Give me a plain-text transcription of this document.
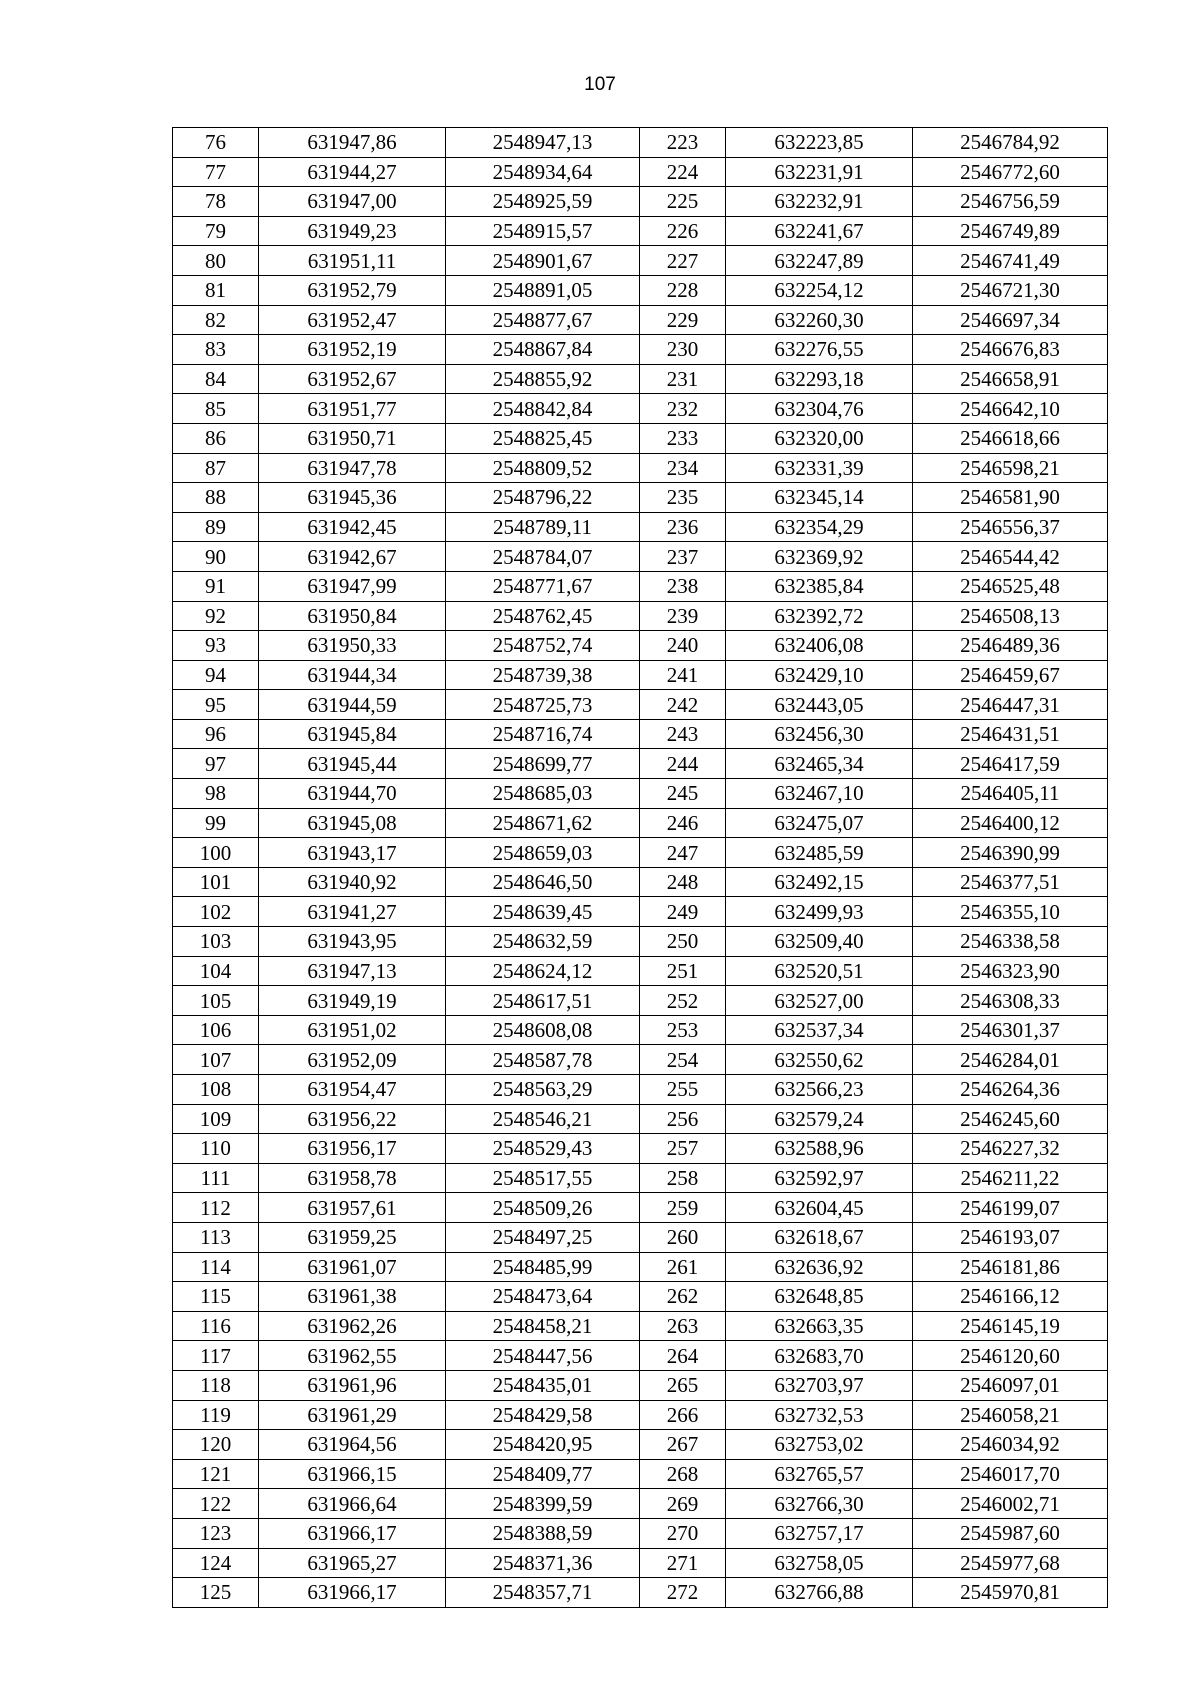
107
76	631947,86	2548947,13	223	632223,85	2546784,92
77	631944,27	2548934,64	224	632231,91	2546772,60
78	631947,00	2548925,59	225	632232,91	2546756,59
79	631949,23	2548915,57	226	632241,67	2546749,89
80	631951,11	2548901,67	227	632247,89	2546741,49
81	631952,79	2548891,05	228	632254,12	2546721,30
82	631952,47	2548877,67	229	632260,30	2546697,34
83	631952,19	2548867,84	230	632276,55	2546676,83
84	631952,67	2548855,92	231	632293,18	2546658,91
85	631951,77	2548842,84	232	632304,76	2546642,10
86	631950,71	2548825,45	233	632320,00	2546618,66
87	631947,78	2548809,52	234	632331,39	2546598,21
88	631945,36	2548796,22	235	632345,14	2546581,90
89	631942,45	2548789,11	236	632354,29	2546556,37
90	631942,67	2548784,07	237	632369,92	2546544,42
91	631947,99	2548771,67	238	632385,84	2546525,48
92	631950,84	2548762,45	239	632392,72	2546508,13
93	631950,33	2548752,74	240	632406,08	2546489,36
94	631944,34	2548739,38	241	632429,10	2546459,67
95	631944,59	2548725,73	242	632443,05	2546447,31
96	631945,84	2548716,74	243	632456,30	2546431,51
97	631945,44	2548699,77	244	632465,34	2546417,59
98	631944,70	2548685,03	245	632467,10	2546405,11
99	631945,08	2548671,62	246	632475,07	2546400,12
100	631943,17	2548659,03	247	632485,59	2546390,99
101	631940,92	2548646,50	248	632492,15	2546377,51
102	631941,27	2548639,45	249	632499,93	2546355,10
103	631943,95	2548632,59	250	632509,40	2546338,58
104	631947,13	2548624,12	251	632520,51	2546323,90
105	631949,19	2548617,51	252	632527,00	2546308,33
106	631951,02	2548608,08	253	632537,34	2546301,37
107	631952,09	2548587,78	254	632550,62	2546284,01
108	631954,47	2548563,29	255	632566,23	2546264,36
109	631956,22	2548546,21	256	632579,24	2546245,60
110	631956,17	2548529,43	257	632588,96	2546227,32
111	631958,78	2548517,55	258	632592,97	2546211,22
112	631957,61	2548509,26	259	632604,45	2546199,07
113	631959,25	2548497,25	260	632618,67	2546193,07
114	631961,07	2548485,99	261	632636,92	2546181,86
115	631961,38	2548473,64	262	632648,85	2546166,12
116	631962,26	2548458,21	263	632663,35	2546145,19
117	631962,55	2548447,56	264	632683,70	2546120,60
118	631961,96	2548435,01	265	632703,97	2546097,01
119	631961,29	2548429,58	266	632732,53	2546058,21
120	631964,56	2548420,95	267	632753,02	2546034,92
121	631966,15	2548409,77	268	632765,57	2546017,70
122	631966,64	2548399,59	269	632766,30	2546002,71
123	631966,17	2548388,59	270	632757,17	2545987,60
124	631965,27	2548371,36	271	632758,05	2545977,68
125	631966,17	2548357,71	272	632766,88	2545970,81
